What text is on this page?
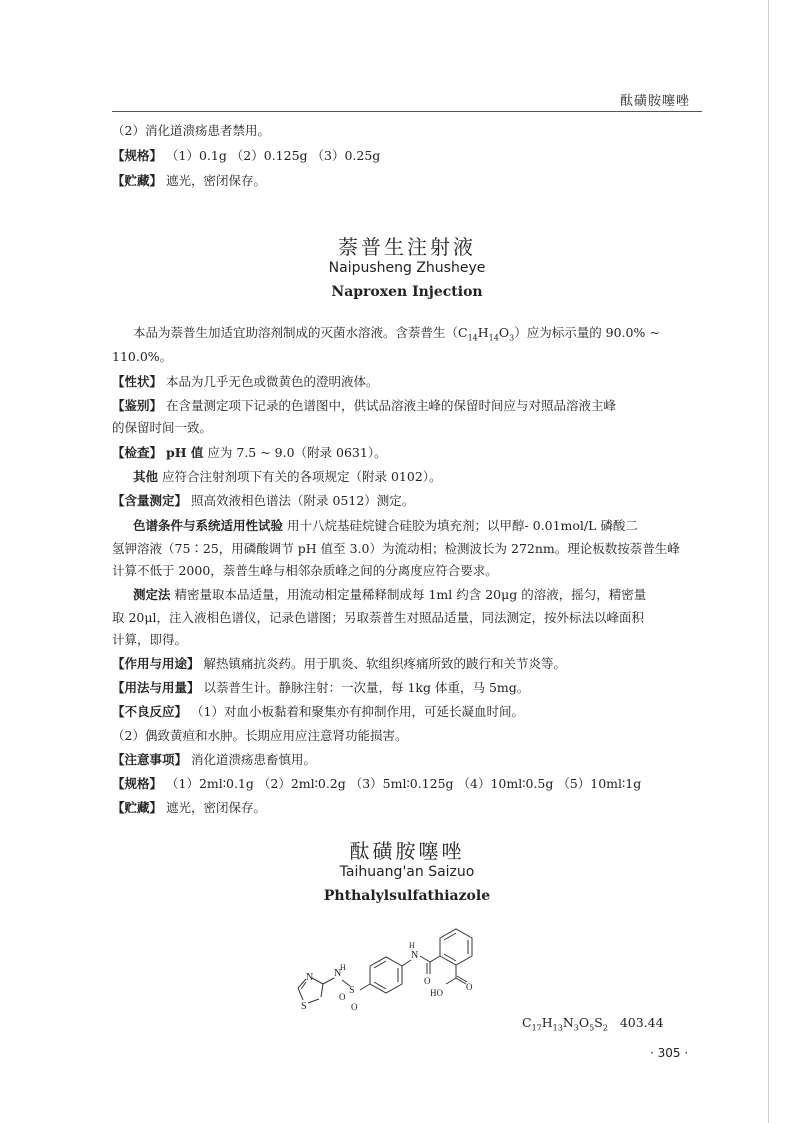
酞磺胺噻唑
（2）消化道溃疡患者禁用。
【规格】 （1）0.1g （2）0.125g （3）0.25g
【贮藏】 遮光，密闭保存。
萘普生注射液
Naipusheng Zhusheye
Naproxen Injection
本品为萘普生加适宜助溶剂制成的灭菌水溶液。含萘普生$(C_{14}H_{14}O_3)$应为标示量的 90.0% ~
110.0%。
【性状】 本品为几乎无色或微黄色的澄明液体。
【鉴别】 在含量测定项下记录的色谱图中，供试品溶液主峰的保留时间应与对照品溶液主峰
的保留时间一致。
【检查】 pH 值 应为 7.5 ~ 9.0（附录 0631）。
其他 应符合注射剂项下有关的各项规定（附录 0102）。
【含量测定】 照高效液相色谱法（附录 0512）测定。
色谱条件与系统适用性试验 用十八烷基硅烷键合硅胶为填充剂；以甲醇- 0.01mol/L 磷酸二
氢钾溶液（75∶25，用磷酸调节 pH 值至 3.0）为流动相；检测波长为 272nm。理论板数按萘普生峰
计算不低于 2000，萘普生峰与相邻杂质峰之间的分离度应符合要求。
测定法 精密量取本品适量，用流动相定量稀释制成每 1ml 约含 20μg 的溶液，摇匀，精密量
取 20μl，注入液相色谱仪，记录色谱图；另取萘普生对照品适量，同法测定，按外标法以峰面积
计算，即得。
【作用与用途】 解热镇痛抗炎药。用于肌炎、软组织疼痛所致的跛行和关节炎等。
【用法与用量】 以萘普生计。静脉注射：一次量，每 1kg 体重，马 5mg。
【不良反应】 （1）对血小板黏着和聚集亦有抑制作用，可延长凝血时间。
（2）偶致黄疸和水肿。长期应用应注意肾功能损害。
【注意事项】 消化道溃疡患畜慎用。
【规格】 （1）2ml∶0.1g （2）2ml∶0.2g （3）5ml∶0.125g （4）10ml∶0.5g （5）10ml∶1g
【贮藏】 遮光，密闭保存。
酞磺胺噻唑
Taihuang'an Saizuo
Phthalylsulfathiazole
N
S
N
H
S
O
O
N
H
O
HO
O
$C_{17}H_{13}N_3O_5S_2$ 403.44
· 305 ·
